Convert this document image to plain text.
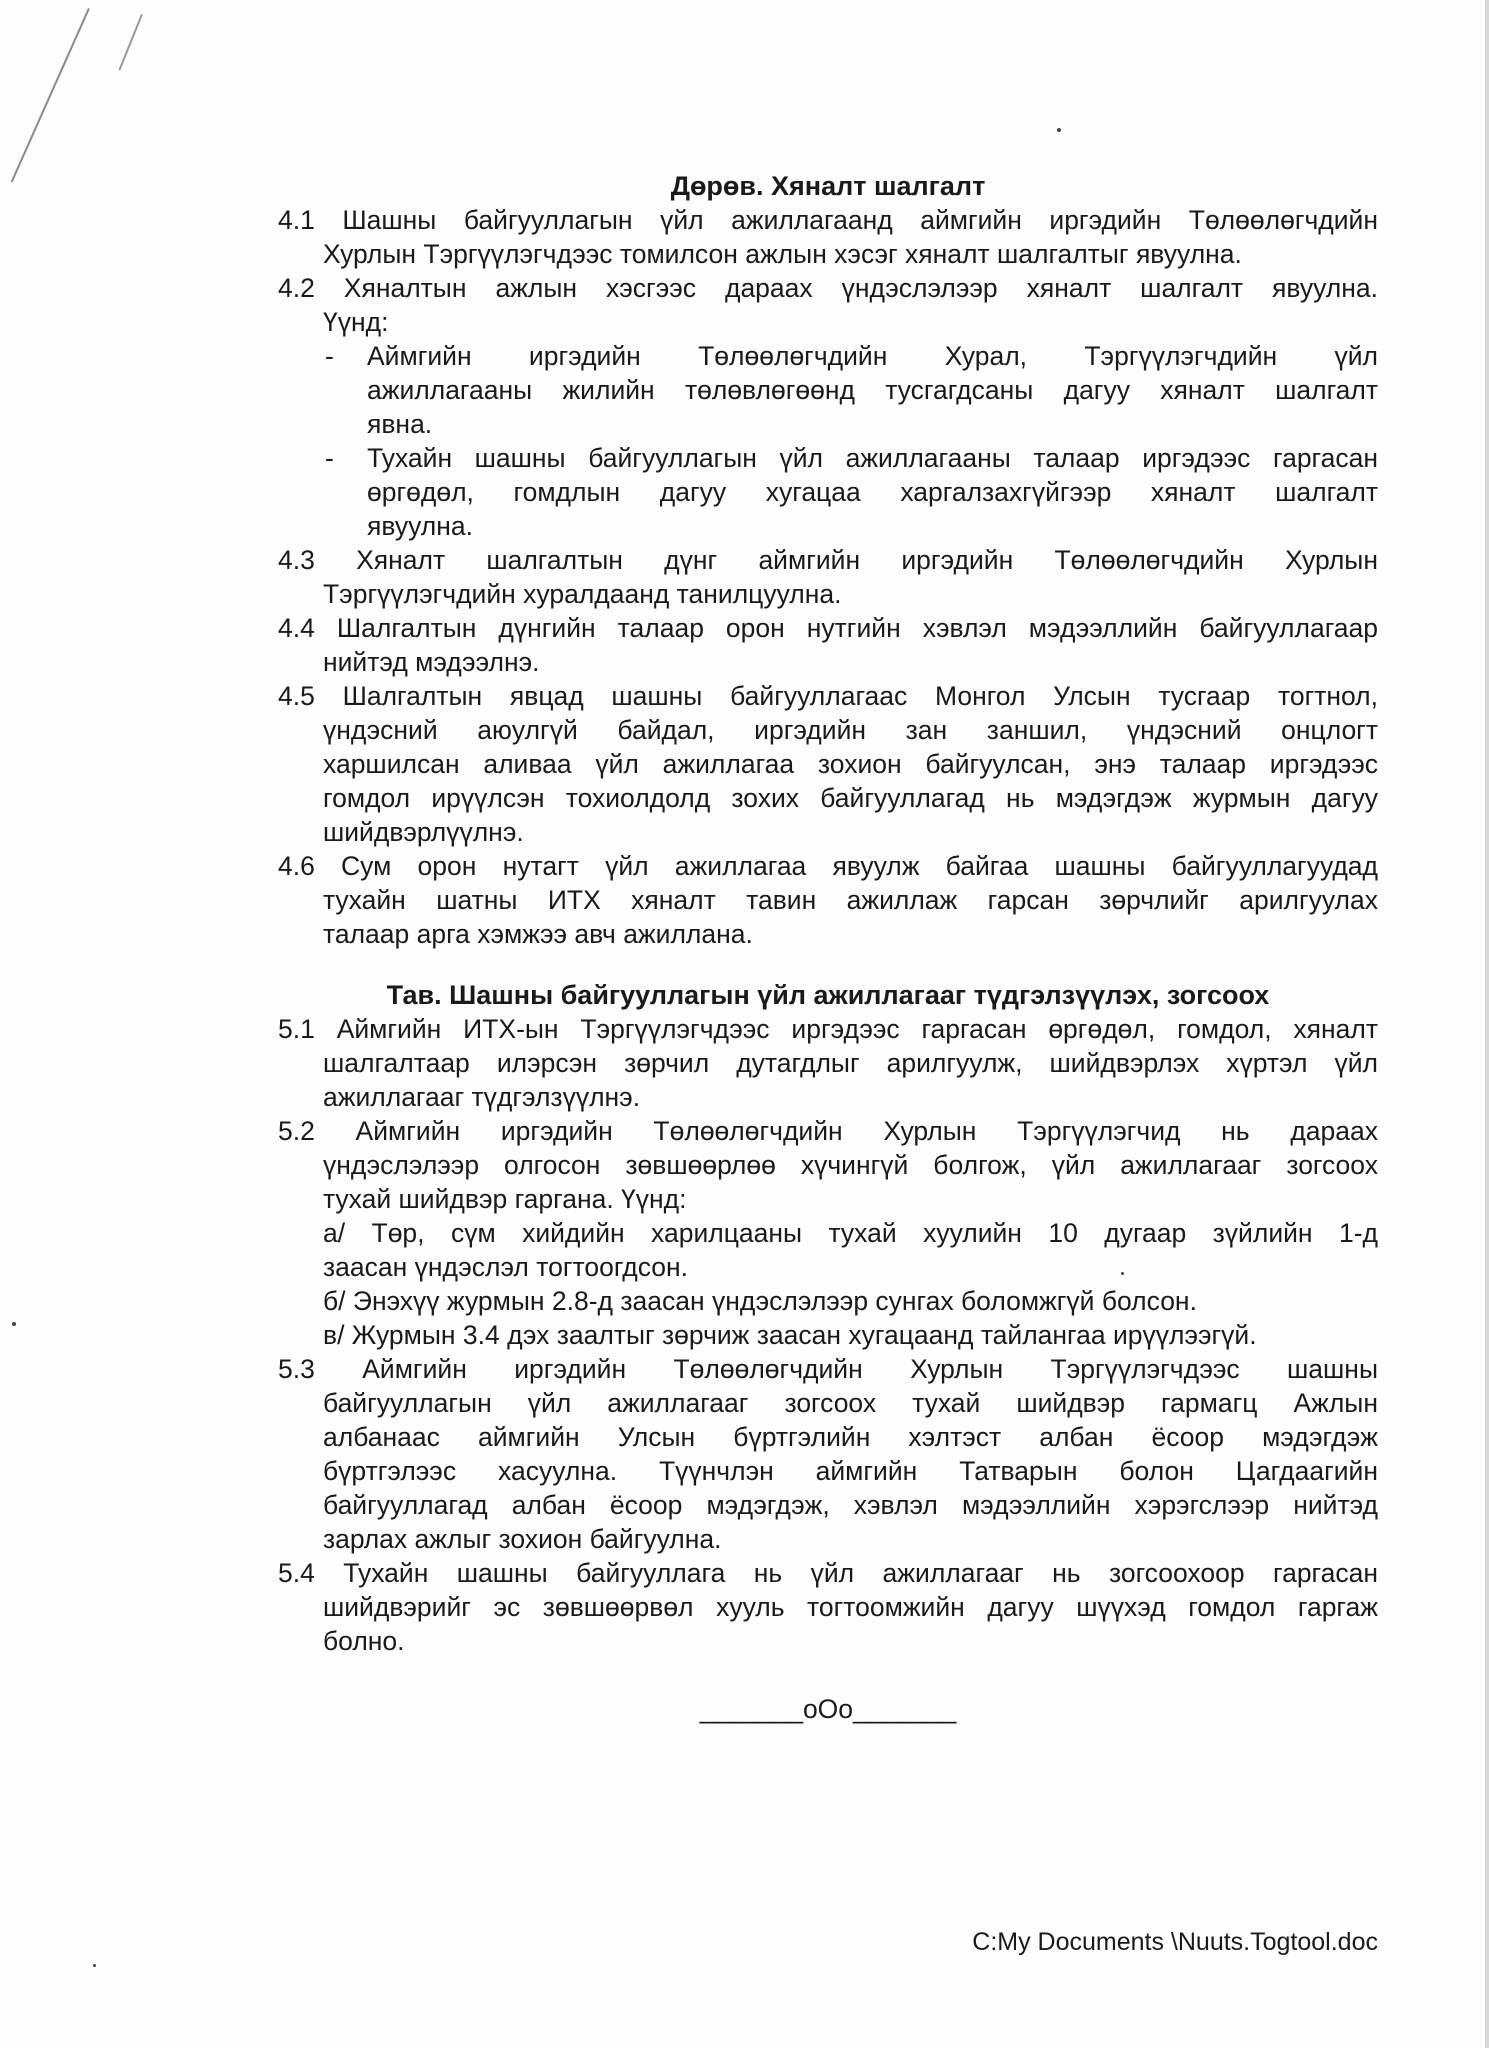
Дөрөв. Хяналт шалгалт
4.1 Шашны байгууллагын үйл ажиллагаанд аймгийн иргэдийн Төлөөлөгчдийн
Хурлын Тэргүүлэгчдээс томилсон ажлын хэсэг хяналт шалгалтыг явуулна.
4.2 Хяналтын ажлын хэсгээс дараах үндэслэлээр хяналт шалгалт явуулна.
Үүнд:
- Аймгийн иргэдийн Төлөөлөгчдийн Хурал, Тэргүүлэгчдийн үйл
ажиллагааны жилийн төлөвлөгөөнд тусгагдсаны дагуу хяналт шалгалт
явна.
- Тухайн шашны байгууллагын үйл ажиллагааны талаар иргэдээс гаргасан
өргөдөл, гомдлын дагуу хугацаа харгалзахгүйгээр хяналт шалгалт
явуулна.
4.3 Хяналт шалгалтын дүнг аймгийн иргэдийн Төлөөлөгчдийн Хурлын
Тэргүүлэгчдийн хуралдаанд танилцуулна.
4.4 Шалгалтын дүнгийн талаар орон нутгийн хэвлэл мэдээллийн байгууллагаар
нийтэд мэдээлнэ.
4.5 Шалгалтын явцад шашны байгууллагаас Монгол Улсын тусгаар тогтнол,
үндэсний аюулгүй байдал, иргэдийн зан заншил, үндэсний онцлогт
харшилсан аливаа үйл ажиллагаа зохион байгуулсан, энэ талаар иргэдээс
гомдол ирүүлсэн тохиолдолд зохих байгууллагад нь мэдэгдэж журмын дагуу
шийдвэрлүүлнэ.
4.6 Сум орон нутагт үйл ажиллагаа явуулж байгаа шашны байгууллагуудад
тухайн шатны ИТХ хяналт тавин ажиллаж гарсан зөрчлийг арилгуулах
талаар арга хэмжээ авч ажиллана.
Тав. Шашны байгууллагын үйл ажиллагааг түдгэлзүүлэх, зогсоох
5.1 Аймгийн ИТХ-ын Тэргүүлэгчдээс иргэдээс гаргасан өргөдөл, гомдол, хяналт
шалгалтаар илэрсэн зөрчил дутагдлыг арилгуулж, шийдвэрлэх хүртэл үйл
ажиллагааг түдгэлзүүлнэ.
5.2 Аймгийн иргэдийн Төлөөлөгчдийн Хурлын Тэргүүлэгчид нь дараах
үндэслэлээр олгосон зөвшөөрлөө хүчингүй болгож, үйл ажиллагааг зогсоох
тухай шийдвэр гаргана. Үүнд:
а/ Төр, сүм хийдийн харилцааны тухай хуулийн 10 дугаар зүйлийн 1-д
заасан үндэслэл тогтоогдсон.
б/ Энэхүү журмын 2.8-д заасан үндэслэлээр сунгах боломжгүй болсон.
в/ Журмын 3.4 дэх заалтыг зөрчиж заасан хугацаанд тайлангаа ирүүлээгүй.
5.3 Аймгийн иргэдийн Төлөөлөгчдийн Хурлын Тэргүүлэгчдээс шашны
байгууллагын үйл ажиллагааг зогсоох тухай шийдвэр гармагц Ажлын
албанаас аймгийн Улсын бүртгэлийн хэлтэст албан ёсоор мэдэгдэж
бүртгэлээс хасуулна. Түүнчлэн аймгийн Татварын болон Цагдаагийн
байгууллагад албан ёсоор мэдэгдэж, хэвлэл мэдээллийн хэрэгслээр нийтэд
зарлах ажлыг зохион байгуулна.
5.4 Тухайн шашны байгууллага нь үйл ажиллагааг нь зогсоохоор гаргасан
шийдвэрийг эс зөвшөөрвөл хууль тогтоомжийн дагуу шүүхэд гомдол гаргаж
болно.
_______oOo_______
C:My Documents \Nuuts.Togtool.doc
